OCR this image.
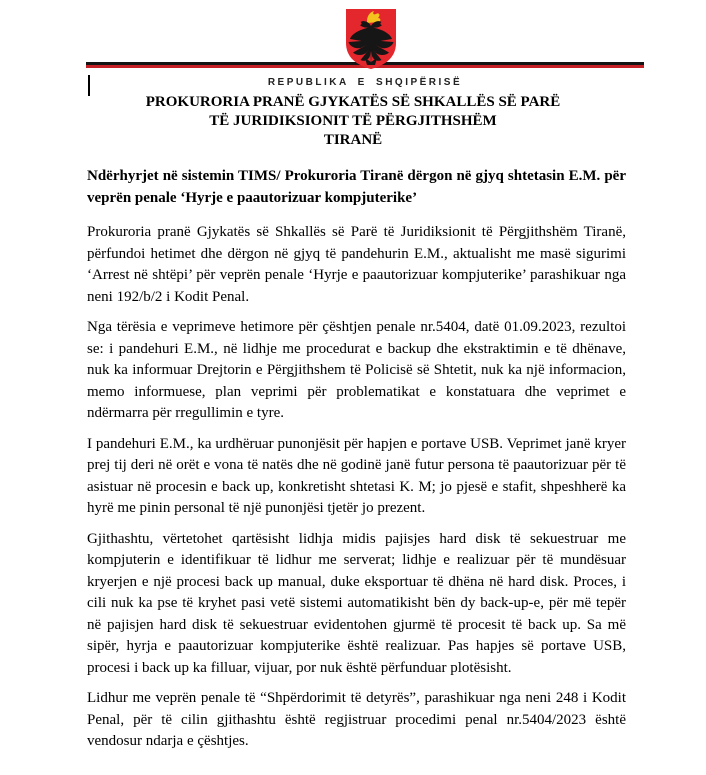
REPUBLIKA E SHQIPËRISË
PROKURORIA PRANË GJYKATËS SË SHKALLËS SË PARË
TË JURIDIKSIONIT TË PËRGJITHSHËM
TIRANË

Ndërhyrjet në sistemin TIMS/ Prokuroria Tiranë dërgon në gjyq shtetasin E.M. për veprën penale ‘Hyrje e paautorizuar kompjuterike’

Prokuroria pranë Gjykatës së Shkallës së Parë të Juridiksionit të Përgjithshëm Tiranë, përfundoi hetimet dhe dërgon në gjyq të pandehurin E.M., aktualisht me masë sigurimi ‘Arrest në shtëpi’ për veprën penale ‘Hyrje e paautorizuar kompjuterike’ parashikuar nga neni 192/b/2 i Kodit Penal.

Nga tërësia e veprimeve hetimore për çështjen penale nr.5404, datë 01.09.2023, rezultoi se: i pandehuri E.M., në lidhje me procedurat e backup dhe ekstraktimin e të dhënave, nuk ka informuar Drejtorin e Përgjithshem të Policisë së Shtetit, nuk ka një informacion, memo informuese, plan veprimi për problematikat e konstatuara dhe veprimet e ndërmarra për rregullimin e tyre.

I pandehuri E.M., ka urdhëruar punonjësit për hapjen e portave USB. Veprimet janë kryer prej tij deri në orët e vona të natës dhe në godinë janë futur persona të paautorizuar për të asistuar në procesin e back up, konkretisht shtetasi K. M; jo pjesë e stafit, shpeshherë ka hyrë me pinin personal të një punonjësi tjetër jo prezent.

Gjithashtu, vërtetohet qartësisht lidhja midis pajisjes hard disk të sekuestruar me kompjuterin e identifikuar të lidhur me serverat; lidhje e realizuar për të mundësuar kryerjen e një procesi back up manual, duke eksportuar të dhëna në hard disk. Proces, i cili nuk ka pse të kryhet pasi vetë sistemi automatikisht bën dy back-up-e, për më tepër në pajisjen hard disk të sekuestruar evidentohen gjurmë të procesit të back up. Sa më sipër, hyrja e paautorizuar kompjuterike është realizuar. Pas hapjes së portave USB, procesi i back up ka filluar, vijuar, por nuk është përfunduar plotësisht.

Lidhur me veprën penale të “Shpërdorimit të detyrës”, parashikuar nga neni 248 i Kodit Penal, për të cilin gjithashtu është regjistruar procedimi penal nr.5404/2023 është vendosur ndarja e çështjes.
